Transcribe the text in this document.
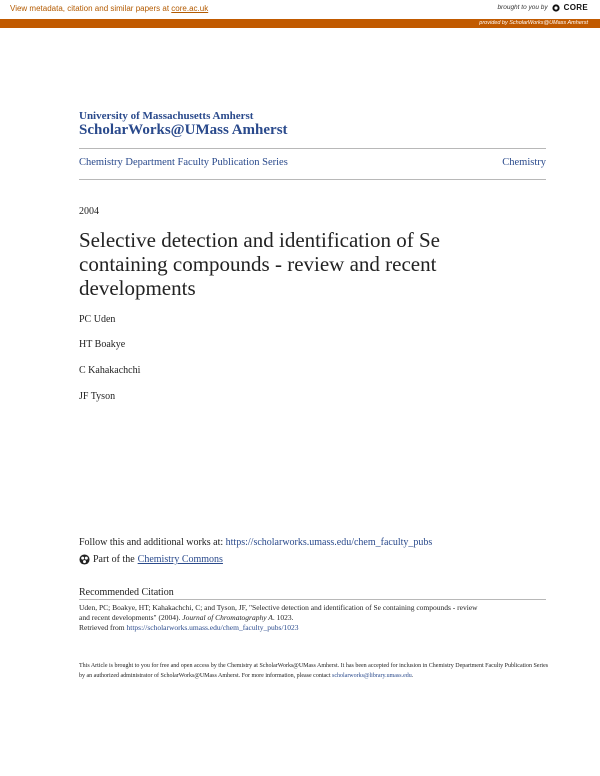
View metadata, citation and similar papers at core.ac.uk	brought to you by CORE
provided by ScholarWorks@UMass Amherst
University of Massachusetts Amherst
ScholarWorks@UMass Amherst
Chemistry Department Faculty Publication Series	Chemistry
2004
Selective detection and identification of Se
containing compounds - review and recent
developments
PC Uden
HT Boakye
C Kahakachchi
JF Tyson
Follow this and additional works at: https://scholarworks.umass.edu/chem_faculty_pubs
Part of the Chemistry Commons
Recommended Citation
Uden, PC; Boakye, HT; Kahakachchi, C; and Tyson, JF, "Selective detection and identification of Se containing compounds - review
and recent developments" (2004). Journal of Chromatography A. 1023.
Retrieved from https://scholarworks.umass.edu/chem_faculty_pubs/1023
This Article is brought to you for free and open access by the Chemistry at ScholarWorks@UMass Amherst. It has been accepted for inclusion in Chemistry Department Faculty Publication Series by an authorized administrator of ScholarWorks@UMass Amherst. For more information, please contact scholarworks@library.umass.edu.
